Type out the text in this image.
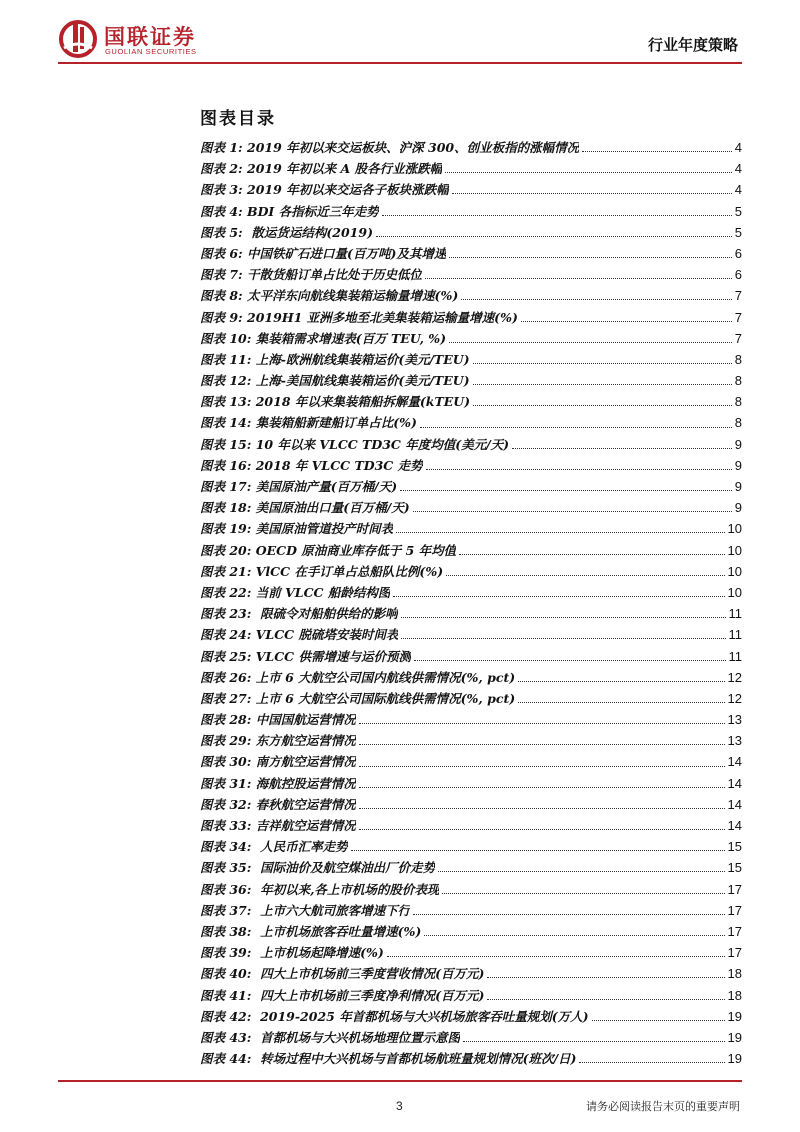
国联证券
GUOLIAN SECURITIES	行业年度策略
图表目录
图表 1: 2019 年初以来交运板块、沪深 300、创业板指的涨幅情况	4
图表 2: 2019 年初以来 A 股各行业涨跌幅	4
图表 3: 2019 年初以来交运各子板块涨跌幅	4
图表 4: BDI 各指标近三年走势	5
图表 5: 散运货运结构(2019)	5
图表 6: 中国铁矿石进口量(百万吨)及其增速	6
图表 7: 干散货船订单占比处于历史低位	6
图表 8: 太平洋东向航线集装箱运输量增速(%)	7
图表 9: 2019H1 亚洲多地至北美集装箱运输量增速(%)	7
图表 10: 集装箱需求增速表(百万 TEU, %)	7
图表 11: 上海-欧洲航线集装箱运价(美元/TEU)	8
图表 12: 上海-美国航线集装箱运价(美元/TEU)	8
图表 13: 2018 年以来集装箱船拆解量(kTEU)	8
图表 14: 集装箱船新建船订单占比(%)	8
图表 15: 10 年以来 VLCC TD3C 年度均值(美元/天)	9
图表 16: 2018 年 VLCC TD3C 走势	9
图表 17: 美国原油产量(百万桶/天)	9
图表 18: 美国原油出口量(百万桶/天)	9
图表 19: 美国原油管道投产时间表	10
图表 20: OECD 原油商业库存低于 5 年均值	10
图表 21: VlCC 在手订单占总船队比例(%)	10
图表 22: 当前 VLCC 船龄结构图	10
图表 23: 限硫令对船舶供给的影响	11
图表 24: VLCC 脱硫塔安装时间表	11
图表 25: VLCC 供需增速与运价预测	11
图表 26: 上市 6 大航空公司国内航线供需情况(%, pct)	12
图表 27: 上市 6 大航空公司国际航线供需情况(%, pct)	12
图表 28: 中国国航运营情况	13
图表 29: 东方航空运营情况	13
图表 30: 南方航空运营情况	14
图表 31: 海航控股运营情况	14
图表 32: 春秋航空运营情况	14
图表 33: 吉祥航空运营情况	14
图表 34: 人民币汇率走势	15
图表 35: 国际油价及航空煤油出厂价走势	15
图表 36: 年初以来,各上市机场的股价表现	17
图表 37: 上市六大航司旅客增速下行	17
图表 38: 上市机场旅客吞吐量增速(%)	17
图表 39: 上市机场起降增速(%)	17
图表 40: 四大上市机场前三季度营收情况(百万元)	18
图表 41: 四大上市机场前三季度净利情况(百万元)	18
图表 42: 2019-2025 年首都机场与大兴机场旅客吞吐量规划(万人)	19
图表 43: 首都机场与大兴机场地理位置示意图	19
图表 44: 转场过程中大兴机场与首都机场航班量规划情况(班次/日)	19
3	请务必阅读报告末页的重要声明
